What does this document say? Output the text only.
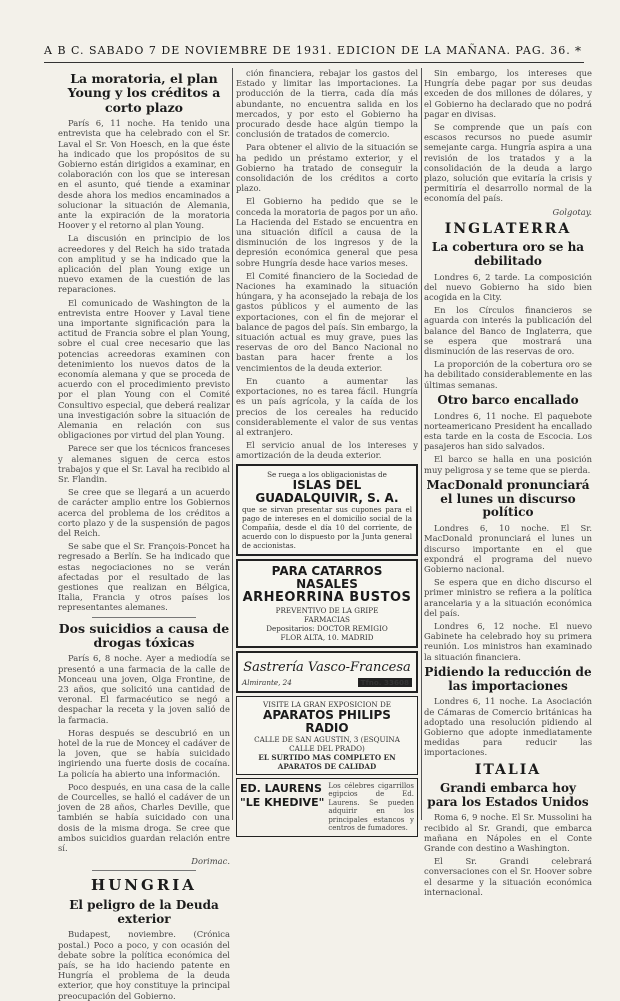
A B C. SABADO 7 DE NOVIEMBRE DE 1931. EDICION DE LA MAÑANA. PAG. 36. *
La moratoria, el plan Young y los créditos a corto plazo

París 6, 11 noche. Ha tenido una entrevista que ha celebrado con el Sr. Laval el Sr. Von Hoesch, en la que éste ha indicado que los propósitos de su Gobierno están dirigidos a examinar, en colaboración con los que se interesan en el asunto, qué tiende a examinar desde ahora los medios encaminados a solucionar la situación de Alemania, ante la expiración de la moratoria Hoover y el retorno al plan Young.

La discusión en principio de los acreedores y del Reich ha sido tratada con amplitud y se ha indicado que la aplicación del plan Young exige un nuevo examen de la cuestión de las reparaciones.

El comunicado de Washington de la entrevista entre Hoover y Laval tiene una importante significación para la actitud de Francia sobre el plan Young, sobre el cual cree necesario que las potencias acreedoras examinen con detenimiento los nuevos datos de la economía alemana y que se proceda de acuerdo con el procedimiento previsto por el plan Young con el Comité Consultivo especial, que deberá realizar una investigación sobre la situación de Alemania en relación con sus obligaciones por virtud del plan Young.

Parece ser que los técnicos franceses y alemanes siguen de cerca estos trabajos y que el Sr. Laval ha recibido al Sr. Flandin.

Se cree que se llegará a un acuerdo de carácter amplio entre los Gobiernos acerca del problema de los créditos a corto plazo y de la suspensión de pagos del Reich.

Se sabe que el Sr. François-Poncet ha regresado a Berlín. Se ha indicado que estas negociaciones no se verán afectadas por el resultado de las gestiones que realizan en Bélgica, Italia, Francia y otros países los representantes alemanes.

Dos suicidios a causa de drogas tóxicas

París 6, 8 noche. Ayer a mediodía se presentó a una farmacia de la calle de Monceau una joven, Olga Frontine, de 23 años, que solicitó una cantidad de veronal. El farmacéutico se negó a despachar la receta y la joven salió de la farmacia.

Horas después se descubrió en un hotel de la rue de Moncey el cadáver de la joven, que se había suicidado ingiriendo una fuerte dosis de cocaína. La policía ha abierto una información.

Poco después, en una casa de la calle de Courcelles, se halló el cadáver de un joven de 28 años, Charles Deville, que también se había suicidado con una dosis de la misma droga. Se cree que ambos suicidios guardan relación entre sí.

Dorimac.

HUNGRIA
El peligro de la Deuda exterior

Budapest, noviembre. (Crónica postal.) Poco a poco, y con ocasión del debate sobre la política económica del país, se ha ido haciendo patente en Hungría el problema de la deuda exterior, que hoy constituye la principal preocupación del Gobierno.

ción financiera, rebajar los gastos del Estado y limitar las importaciones. La producción de la tierra, cada día más abundante, no encuentra salida en los mercados, y por esto el Gobierno ha procurado desde hace algún tiempo la conclusión de tratados de comercio.

Para obtener el alivio de la situación se ha pedido un préstamo exterior, y el Gobierno ha tratado de conseguir la consolidación de los créditos a corto plazo.

El Gobierno ha pedido que se le conceda la moratoria de pagos por un año. La Hacienda del Estado se encuentra en una situación difícil a causa de la disminución de los ingresos y de la depresión económica general que pesa sobre Hungría desde hace varios meses.

El Comité financiero de la Sociedad de Naciones ha examinado la situación húngara, y ha aconsejado la rebaja de los gastos públicos y el aumento de las exportaciones, con el fin de mejorar el balance de pagos del país. Sin embargo, la situación actual es muy grave, pues las reservas de oro del Banco Nacional no bastan para hacer frente a los vencimientos de la deuda exterior.

En cuanto a aumentar las exportaciones, no es tarea fácil. Hungría es un país agrícola, y la caída de los precios de los cereales ha reducido considerablemente el valor de sus ventas al extranjero.

El servicio anual de los intereses y amortización de la deuda exterior.

Se ruega a los obligacionistas de
ISLAS DEL GUADALQUIVIR, S. A.
que se sirvan presentar sus cupones para el pago de intereses en el domicilio social de la Compañía, desde el día 10 del corriente, de acuerdo con lo dispuesto por la Junta general de accionistas.
PARA CATARROS NASALES
ARHEORRINA BUSTOS
PREVENTIVO DE LA GRIPE
FARMACIAS
Depositarios: DOCTOR REMIGIO
FLOR ALTA, 10. MADRID
Sastrería Vasco-Francesa
Almirante, 24	Tfno. 33608
VISITE LA GRAN EXPOSICION DE
APARATOS PHILIPS RADIO
CALLE DE SAN AGUSTIN, 3 (ESQUINA CALLE DEL PRADO)
EL SURTIDO MAS COMPLETO EN APARATOS DE CALIDAD
ED. LAURENS
"LE KHEDIVE"
Los célebres cigarrillos egipcios de Ed. Laurens. Se pueden adquirir en los principales estancos y centros de fumadores.

Sin embargo, los intereses que Hungría debe pagar por sus deudas exceden de dos millones de dólares, y el Gobierno ha declarado que no podrá pagar en divisas.

Se comprende que un país con escasos recursos no puede asumir semejante carga. Hungría aspira a una revisión de los tratados y a la consolidación de la deuda a largo plazo, solución que evitaría la crisis y permitiría el desarrollo normal de la economía del país.

Golgotay.

INGLATERRA
La cobertura oro se ha debilitado

Londres 6, 2 tarde. La composición del nuevo Gobierno ha sido bien acogida en la City.

En los Círculos financieros se aguarda con interés la publicación del balance del Banco de Inglaterra, que se espera que mostrará una disminución de las reservas de oro.

La proporción de la cobertura oro se ha debilitado considerablemente en las últimas semanas.

Otro barco encallado

Londres 6, 11 noche. El paquebote norteamericano President ha encallado esta tarde en la costa de Escocia. Los pasajeros han sido salvados.

El barco se halla en una posición muy peligrosa y se teme que se pierda.

MacDonald pronunciará el lunes un discurso político

Londres 6, 10 noche. El Sr. MacDonald pronunciará el lunes un discurso importante en el que expondrá el programa del nuevo Gobierno nacional.

Se espera que en dicho discurso el primer ministro se refiera a la política arancelaria y a la situación económica del país.

Londres 6, 12 noche. El nuevo Gabinete ha celebrado hoy su primera reunión. Los ministros han examinado la situación financiera.

Pidiendo la reducción de las importaciones

Londres 6, 11 noche. La Asociación de Cámaras de Comercio británicas ha adoptado una resolución pidiendo al Gobierno que adopte inmediatamente medidas para reducir las importaciones.

ITALIA
Grandi embarca hoy para los Estados Unidos

Roma 6, 9 noche. El Sr. Mussolini ha recibido al Sr. Grandi, que embarca mañana en Nápoles en el Conte Grande con destino a Washington.

El Sr. Grandi celebrará conversaciones con el Sr. Hoover sobre el desarme y la situación económica internacional.
